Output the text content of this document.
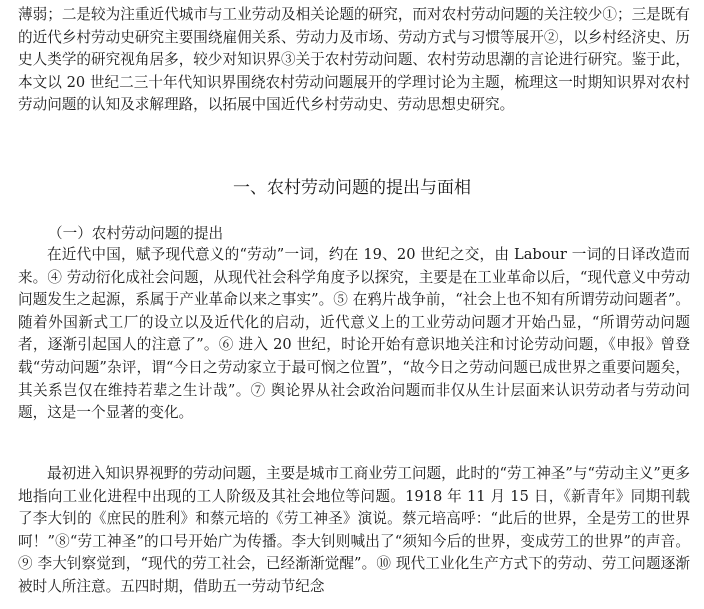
薄弱；二是较为注重近代城市与工业劳动及相关论题的研究，而对农村劳动问题的关注较少①；三是既有的近代乡村劳动史研究主要围绕雇佣关系、劳动力及市场、劳动方式与习惯等展开②，以乡村经济史、历史人类学的研究视角居多，较少对知识界③关于农村劳动问题、农村劳动思潮的言论进行研究。鉴于此，本文以 20 世纪二三十年代知识界围绕农村劳动问题展开的学理讨论为主题，梳理这一时期知识界对农村劳动问题的认知及求解理路，以拓展中国近代乡村劳动史、劳动思想史研究。

一、农村劳动问题的提出与面相
（一）农村劳动问题的提出

在近代中国，赋予现代意义的“劳动”一词，约在 19、20 世纪之交，由 Labour 一词的日译改造而来。④ 劳动衍化成社会问题，从现代社会科学角度予以探究，主要是在工业革命以后，“现代意义中劳动问题发生之起源，系属于产业革命以来之事实”。⑤ 在鸦片战争前，“社会上也不知有所谓劳动问题者”。随着外国新式工厂的设立以及近代化的启动，近代意义上的工业劳动问题才开始凸显，“所谓劳动问题者，逐渐引起国人的注意了”。⑥ 进入 20 世纪，时论开始有意识地关注和讨论劳动问题，《申报》曾登载“劳动问题”杂评，谓“今日之劳动家立于最可悯之位置”，“故今日之劳动问题已成世界之重要问题矣，其关系岂仅在维持若辈之生计哉”。⑦ 舆论界从社会政治问题而非仅从生计层面来认识劳动者与劳动问题，这是一个显著的变化。

最初进入知识界视野的劳动问题，主要是城市工商业劳工问题，此时的“劳工神圣”与“劳动主义”更多地指向工业化进程中出现的工人阶级及其社会地位等问题。1918 年 11 月 15 日，《新青年》同期刊载了李大钊的《庶民的胜利》和蔡元培的《劳工神圣》演说。蔡元培高呼：“此后的世界，全是劳工的世界呵！”⑧“劳工神圣”的口号开始广为传播。李大钊则喊出了“须知今后的世界，变成劳工的世界”的声音。⑨ 李大钊察觉到，“现代的劳工社会，已经渐渐觉醒”。⑩ 现代工业化生产方式下的劳动、劳工问题逐渐被时人所注意。五四时期，借助五一劳动节纪念
